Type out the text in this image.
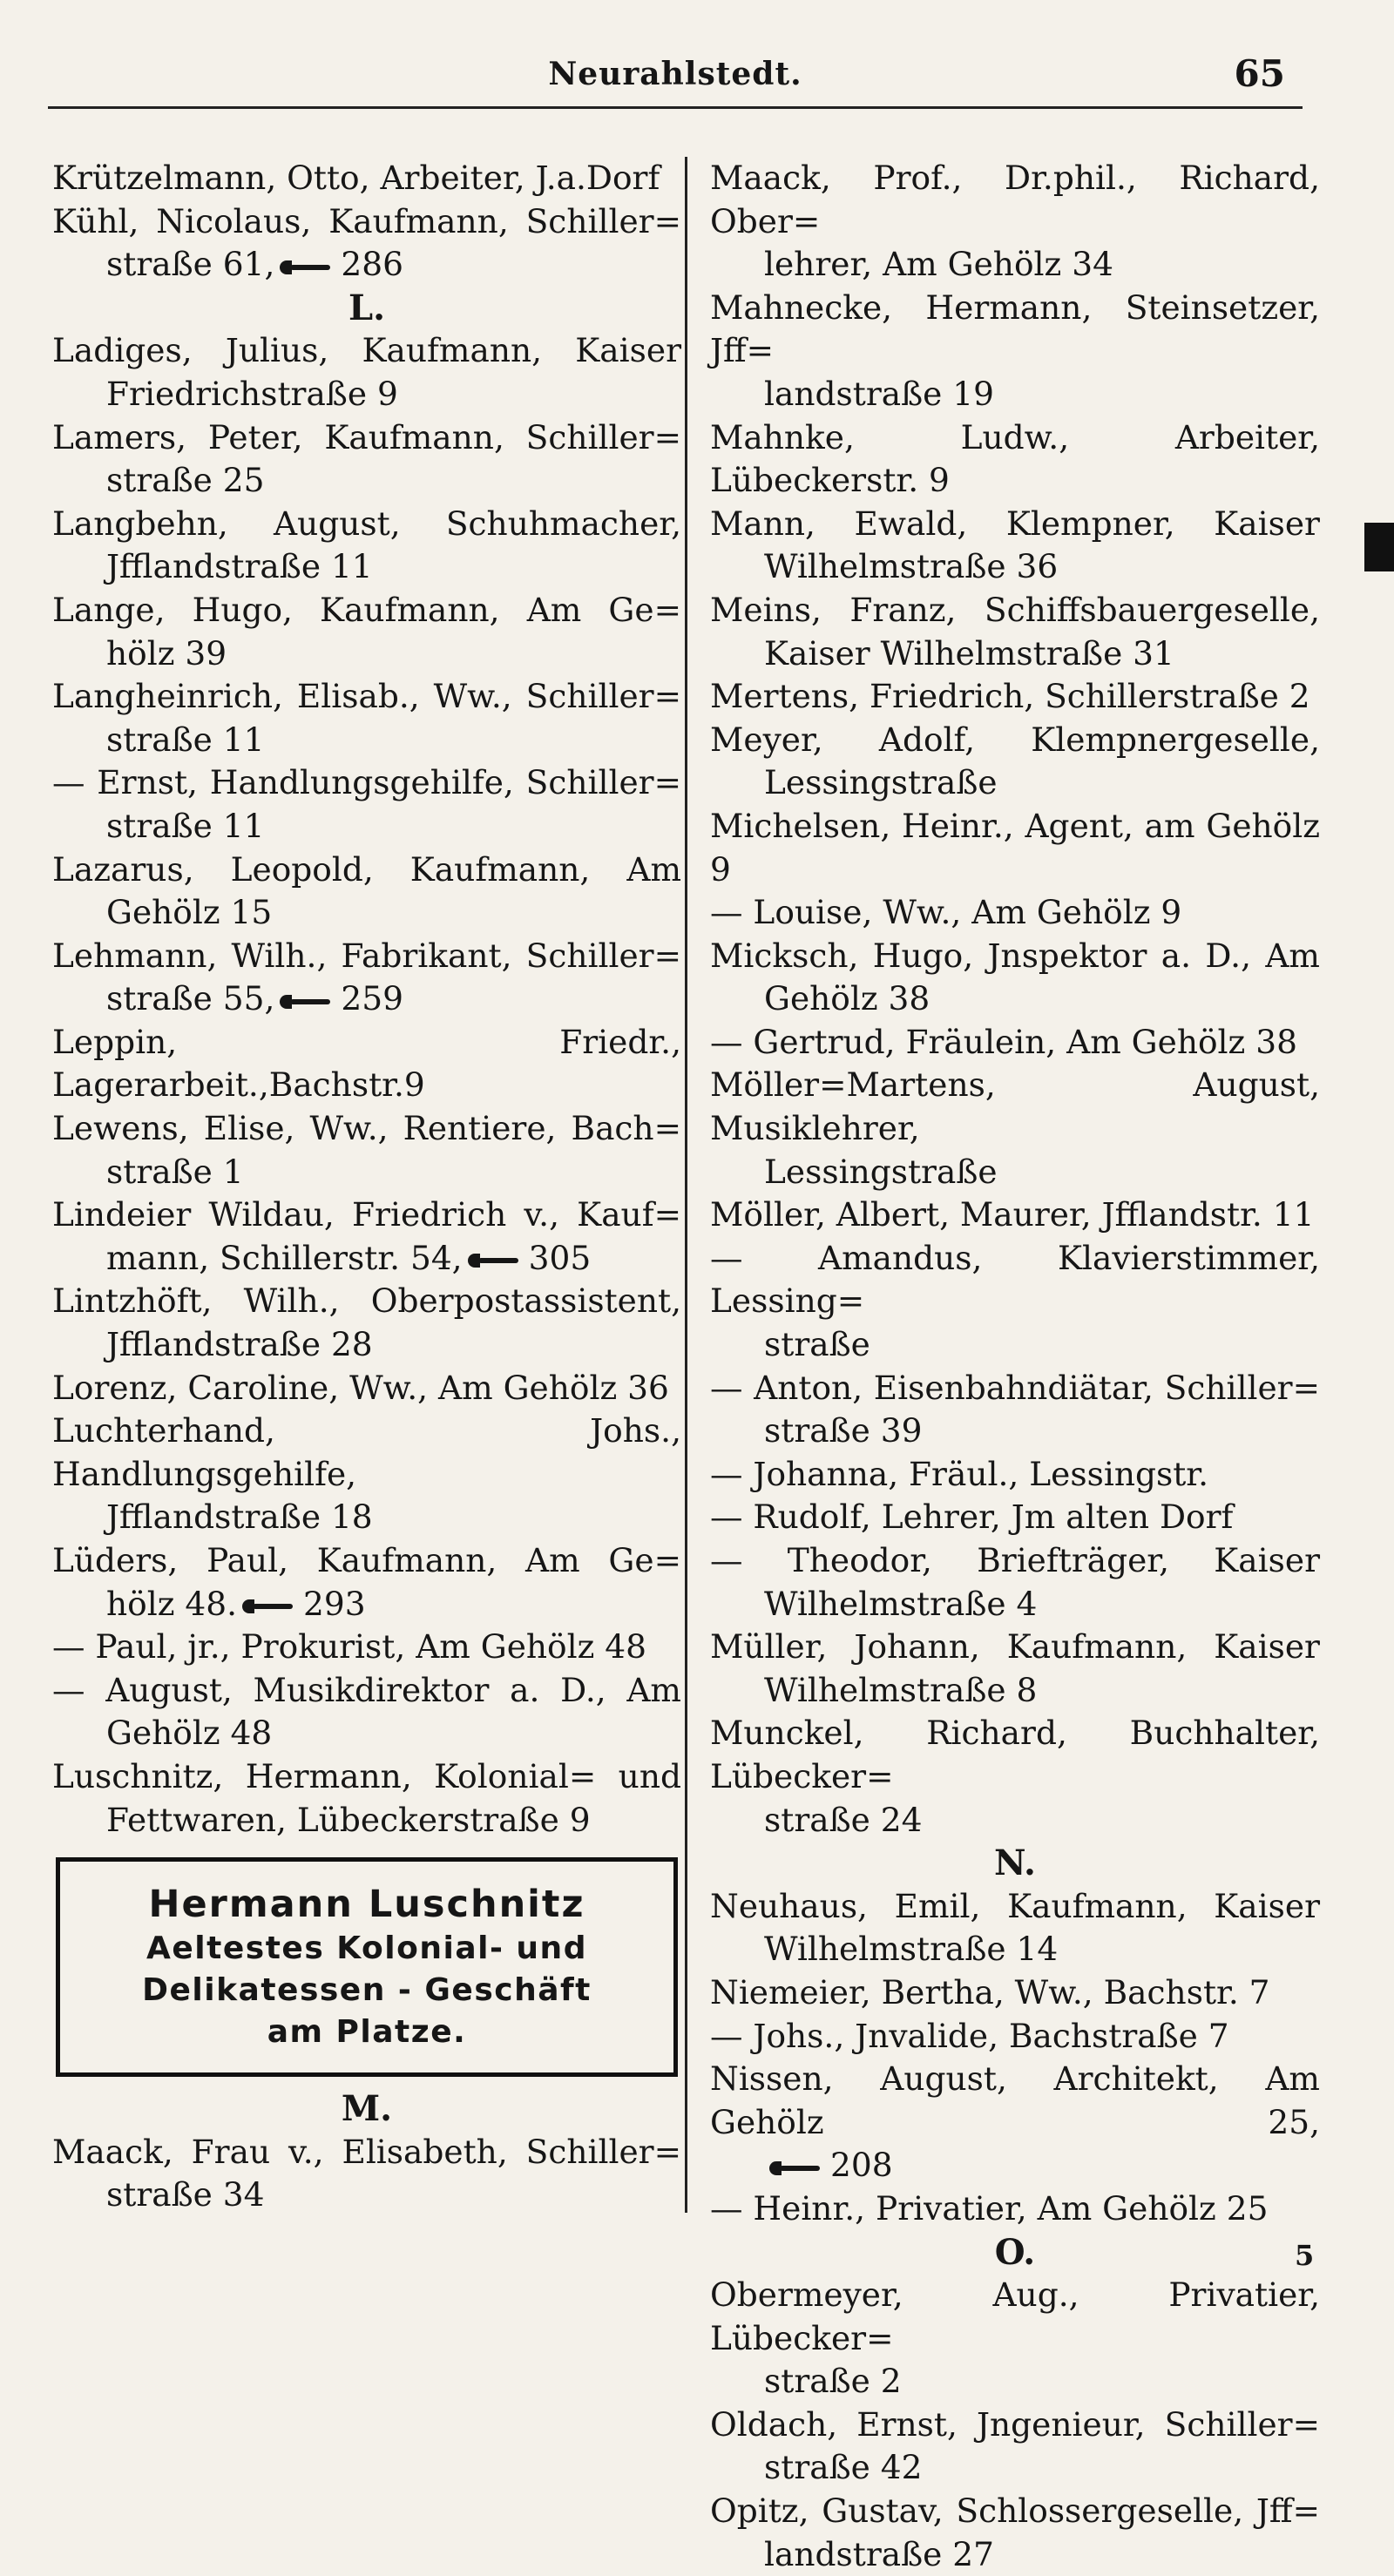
Neurahlstedt.	65
Krützelmann, Otto, Arbeiter, J.a.Dorf
Kühl, Nicolaus, Kaufmann, Schiller=
straße 61, 286
L.
Ladiges, Julius, Kaufmann, Kaiser
Friedrichstraße 9
Lamers, Peter, Kaufmann, Schiller=
straße 25
Langbehn, August, Schuhmacher,
Jfflandstraße 11
Lange, Hugo, Kaufmann, Am Ge=
hölz 39
Langheinrich, Elisab., Ww., Schiller=
straße 11
— Ernst, Handlungsgehilfe, Schiller=
straße 11
Lazarus, Leopold, Kaufmann, Am
Gehölz 15
Lehmann, Wilh., Fabrikant, Schiller=
straße 55, 259
Leppin, Friedr., Lagerarbeit.,Bachstr.9
Lewens, Elise, Ww., Rentiere, Bach=
straße 1
Lindeier Wildau, Friedrich v., Kauf=
mann, Schillerstr. 54, 305
Lintzhöft, Wilh., Oberpostassistent,
Jfflandstraße 28
Lorenz, Caroline, Ww., Am Gehölz 36
Luchterhand, Johs., Handlungsgehilfe,
Jfflandstraße 18
Lüders, Paul, Kaufmann, Am Ge=
hölz 48. 293
— Paul, jr., Prokurist, Am Gehölz 48
— August, Musikdirektor a. D., Am
Gehölz 48
Luschnitz, Hermann, Kolonial= und
Fettwaren, Lübeckerstraße 9
Hermann Luschnitz
Aeltestes Kolonial- und
Delikatessen - Geschäft
am Platze.
M.
Maack, Frau v., Elisabeth, Schiller=
straße 34
Maack, Prof., Dr.phil., Richard, Ober=
lehrer, Am Gehölz 34
Mahnecke, Hermann, Steinsetzer, Jff=
landstraße 19
Mahnke, Ludw., Arbeiter, Lübeckerstr. 9
Mann, Ewald, Klempner, Kaiser
Wilhelmstraße 36
Meins, Franz, Schiffsbauergeselle,
Kaiser Wilhelmstraße 31
Mertens, Friedrich, Schillerstraße 2
Meyer, Adolf, Klempnergeselle,
Lessingstraße
Michelsen, Heinr., Agent, am Gehölz 9
— Louise, Ww., Am Gehölz 9
Micksch, Hugo, Jnspektor a. D., Am
Gehölz 38
— Gertrud, Fräulein, Am Gehölz 38
Möller=Martens, August, Musiklehrer,
Lessingstraße
Möller, Albert, Maurer, Jfflandstr. 11
— Amandus, Klavierstimmer, Lessing=
straße
— Anton, Eisenbahndiätar, Schiller=
straße 39
— Johanna, Fräul., Lessingstr.
— Rudolf, Lehrer, Jm alten Dorf
— Theodor, Briefträger, Kaiser
Wilhelmstraße 4
Müller, Johann, Kaufmann, Kaiser
Wilhelmstraße 8
Munckel, Richard, Buchhalter, Lübecker=
straße 24
N.
Neuhaus, Emil, Kaufmann, Kaiser
Wilhelmstraße 14
Niemeier, Bertha, Ww., Bachstr. 7
— Johs., Jnvalide, Bachstraße 7
Nissen, August, Architekt, Am Gehölz 25,
208
— Heinr., Privatier, Am Gehölz 25
O.
Obermeyer, Aug., Privatier, Lübecker=
straße 2
Oldach, Ernst, Jngenieur, Schiller=
straße 42
Opitz, Gustav, Schlossergeselle, Jff=
landstraße 27
5
